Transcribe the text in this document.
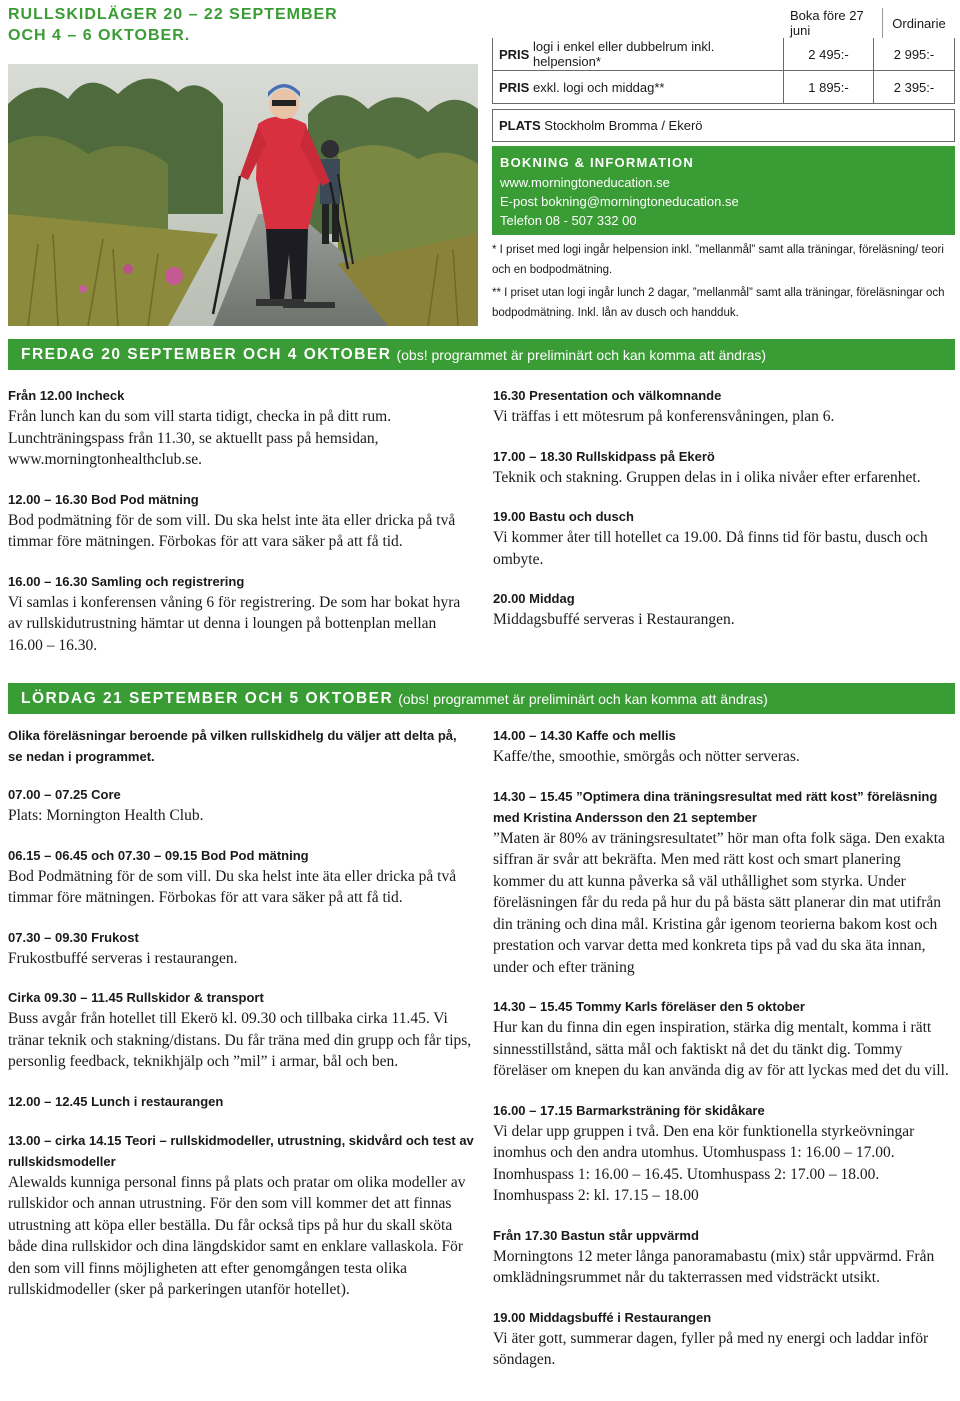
RULLSKIDLÄGER 20 – 22 SEPTEMBER
OCH 4 – 6 OKTOBER.
Boka före 27 juni	Ordinarie
PRIS
logi i enkel eller dubbelrum inkl. helpension*	2 495:-	2 995:-
PRIS
exkl. logi och middag**	1 895:-	2 395:-
PLATS
Stockholm Bromma / Ekerö
BOKNING & INFORMATION
www.morningtoneducation.se
E-post bokning@morningtoneducation.se
Telefon 08 - 507 332 00
* I priset med logi ingår helpension inkl. ”mellanmål” samt alla träningar, föreläsning/ teori och en bodpodmätning.
** I priset utan logi ingår lunch 2 dagar, ”mellanmål” samt alla träningar, föreläsningar och bodpodmätning. Inkl. lån av dusch och handduk.
FREDAG 20 SEPTEMBER OCH 4 OKTOBER (obs! programmet är preliminärt och kan komma att ändras)
Från 12.00 Incheck
Från lunch kan du som vill starta tidigt, checka in på ditt rum. Lunchträningspass från 11.30, se aktuellt pass på hemsidan, www.morningtonhealthclub.se.
12.00 – 16.30 Bod Pod mätning
Bod podmätning för de som vill. Du ska helst inte äta eller dricka på två timmar före mätningen. Förbokas för att vara säker på att få tid.
16.00 – 16.30 Samling och registrering
Vi samlas i konferensen våning 6 för registrering. De som har bokat hyra av rullskidutrustning hämtar ut denna i loungen på bottenplan mellan 16.00 – 16.30.
16.30 Presentation och välkomnande
Vi träffas i ett mötesrum på konferensvåningen, plan 6.
17.00 – 18.30 Rullskidpass på Ekerö
Teknik och stakning. Gruppen delas in i olika nivåer efter erfarenhet.
19.00 Bastu och dusch
Vi kommer åter till hotellet ca 19.00. Då finns tid för bastu, dusch och ombyte.
20.00 Middag
Middagsbuffé serveras i Restaurangen.
LÖRDAG 21 SEPTEMBER OCH 5 OKTOBER (obs! programmet är preliminärt och kan komma att ändras)
Olika föreläsningar beroende på vilken rullskidhelg du väljer att delta på, se nedan i programmet.
07.00 – 07.25 Core
Plats: Mornington Health Club.
06.15 – 06.45 och 07.30 – 09.15 Bod Pod mätning
Bod Podmätning för de som vill. Du ska helst inte äta eller dricka på två timmar före mätningen. Förbokas för att vara säker på att få tid.
07.30 – 09.30 Frukost
Frukostbuffé serveras i restaurangen.
Cirka 09.30 – 11.45 Rullskidor & transport
Buss avgår från hotellet till Ekerö kl. 09.30 och tillbaka cirka 11.45. Vi tränar teknik och stakning/distans. Du får träna med din grupp och får tips, personlig feedback, teknikhjälp och ”mil” i armar, bål och ben.
12.00 – 12.45 Lunch i restaurangen
13.00 – cirka 14.15 Teori – rullskidmodeller, utrustning, skidvård och test av rullskidsmodeller
Alewalds kunniga personal finns på plats och pratar om olika modeller av rullskidor och annan utrustning. För den som vill kommer det att finnas utrustning att köpa eller beställa. Du får också tips på hur du skall sköta både dina rullskidor och dina längdskidor samt en enklare vallaskola. För den som vill finns möjligheten att efter genomgången testa olika rullskidmodeller (sker på parkeringen utanför hotellet).
14.00 – 14.30 Kaffe och mellis
Kaffe/the, smoothie, smörgås och nötter serveras.
14.30 – 15.45 ”Optimera dina träningsresultat med rätt kost” föreläsning med Kristina Andersson den 21 september
”Maten är 80% av träningsresultatet” hör man ofta folk säga. Den exakta siffran är svår att bekräfta. Men med rätt kost och smart planering kommer du att kunna påverka så väl uthållighet som styrka. Under föreläsningen får du reda på hur du på bästa sätt planerar din mat utifrån din träning och dina mål. Kristina går igenom teorierna bakom kost och prestation och varvar detta med konkreta tips på vad du ska äta innan, under och efter träning
14.30 – 15.45 Tommy Karls föreläser den 5 oktober
Hur kan du finna din egen inspiration, stärka dig mentalt, komma i rätt sinnesstillstånd, sätta mål och faktiskt nå det du tänkt dig. Tommy föreläser om knepen du kan använda dig av för att lyckas med det du vill.
16.00 – 17.15 Barmarksträning för skidåkare
Vi delar upp gruppen i två. Den ena kör funktionella styrkeövningar inomhus och den andra utomhus. Utomhuspass 1: 16.00 – 17.00. Inomhuspass 1: 16.00 – 16.45. Utomhuspass 2: 17.00 – 18.00. Inomhuspass 2: kl. 17.15 – 18.00
Från 17.30 Bastun står uppvärmd
Morningtons 12 meter långa panoramabastu (mix) står uppvärmd. Från omklädningsrummet når du takterrassen med vidsträckt utsikt.
19.00 Middagsbuffé i Restaurangen
Vi äter gott, summerar dagen, fyller på med ny energi och laddar inför söndagen.
